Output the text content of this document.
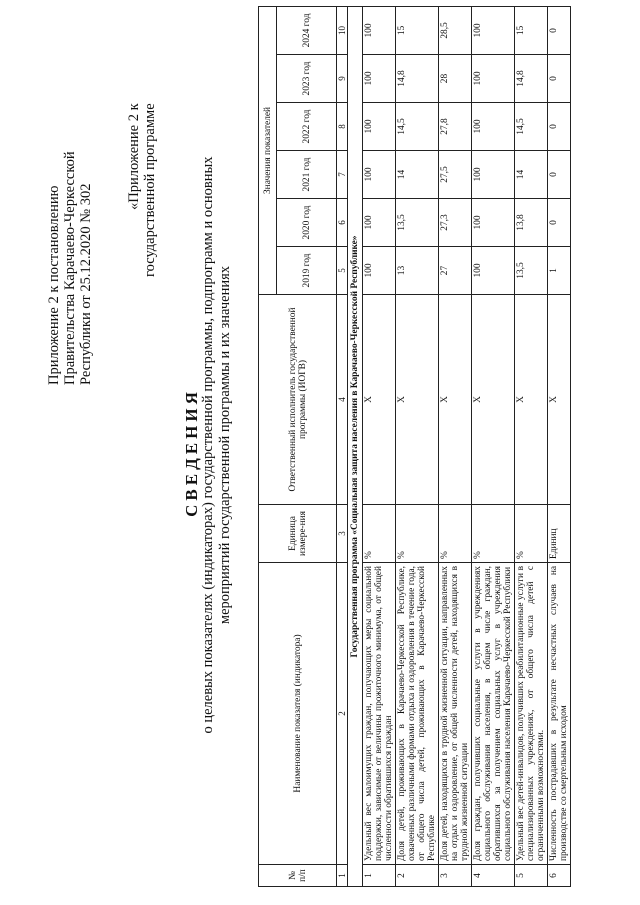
Приложение 2 к постановлению Правительства Карачаево-Черкесской Республики от 25.12.2020 № 302
«Приложение 2 к государственной программе
СВЕДЕНИЯ о целевых показателях (индикаторах) государственной программы, подпрограмм и основных мероприятий государственной программы и их значениях
№ п/п	Наименование показателя (индикатора)	Единица измере-ния	Ответственный исполнитель государственной программы (ИОГВ)	Значения показателей					
				2019 год	2020 год	2021 год	2022 год	2023 год	2024 год
1	2	3	4	5	6	7	8	9	10
Государственная программа «Социальная защита населения в Карачаево-Черкесской Республике»									
1	Удельный вес малоимущих граждан, получающих меры социальной поддержки, зависимые от величины прожиточного минимума, от общей численности обратившихся граждан	%	Х	100	100	100	100	100	100
2	Доля детей, проживающих в Карачаево-Черкесской Республике, охваченных различными формами отдыха и оздоровления в течение года, от общего числа детей, проживающих в Карачаево-Черкесской Республике	%	Х	13	13,5	14	14,5	14,8	15
3	Доля детей, находящихся в трудной жизненной ситуации, направленных на отдых и оздоровление, от общей численности детей, находящихся в трудной жизненной ситуации	%	Х	27	27,3	27,5	27,8	28	28,5
4	Доля граждан, получивших социальные услуги в учреждениях социального обслуживания населения, в общем числе граждан, обратившихся за получением социальных услуг в учреждения социального обслуживания населения Карачаево-Черкесской Республики	%	Х	100	100	100	100	100	100
5	Удельный вес детей-инвалидов, получивших реабилитационные услуги в специализированных учреждениях, от общего числа детей с ограниченными возможностями.	%	Х	13,5	13,8	14	14,5	14,8	15
6	Численность пострадавших в результате несчастных случаев на производстве со смертельным исходом	Единиц	Х	1	0	0	0	0	0
